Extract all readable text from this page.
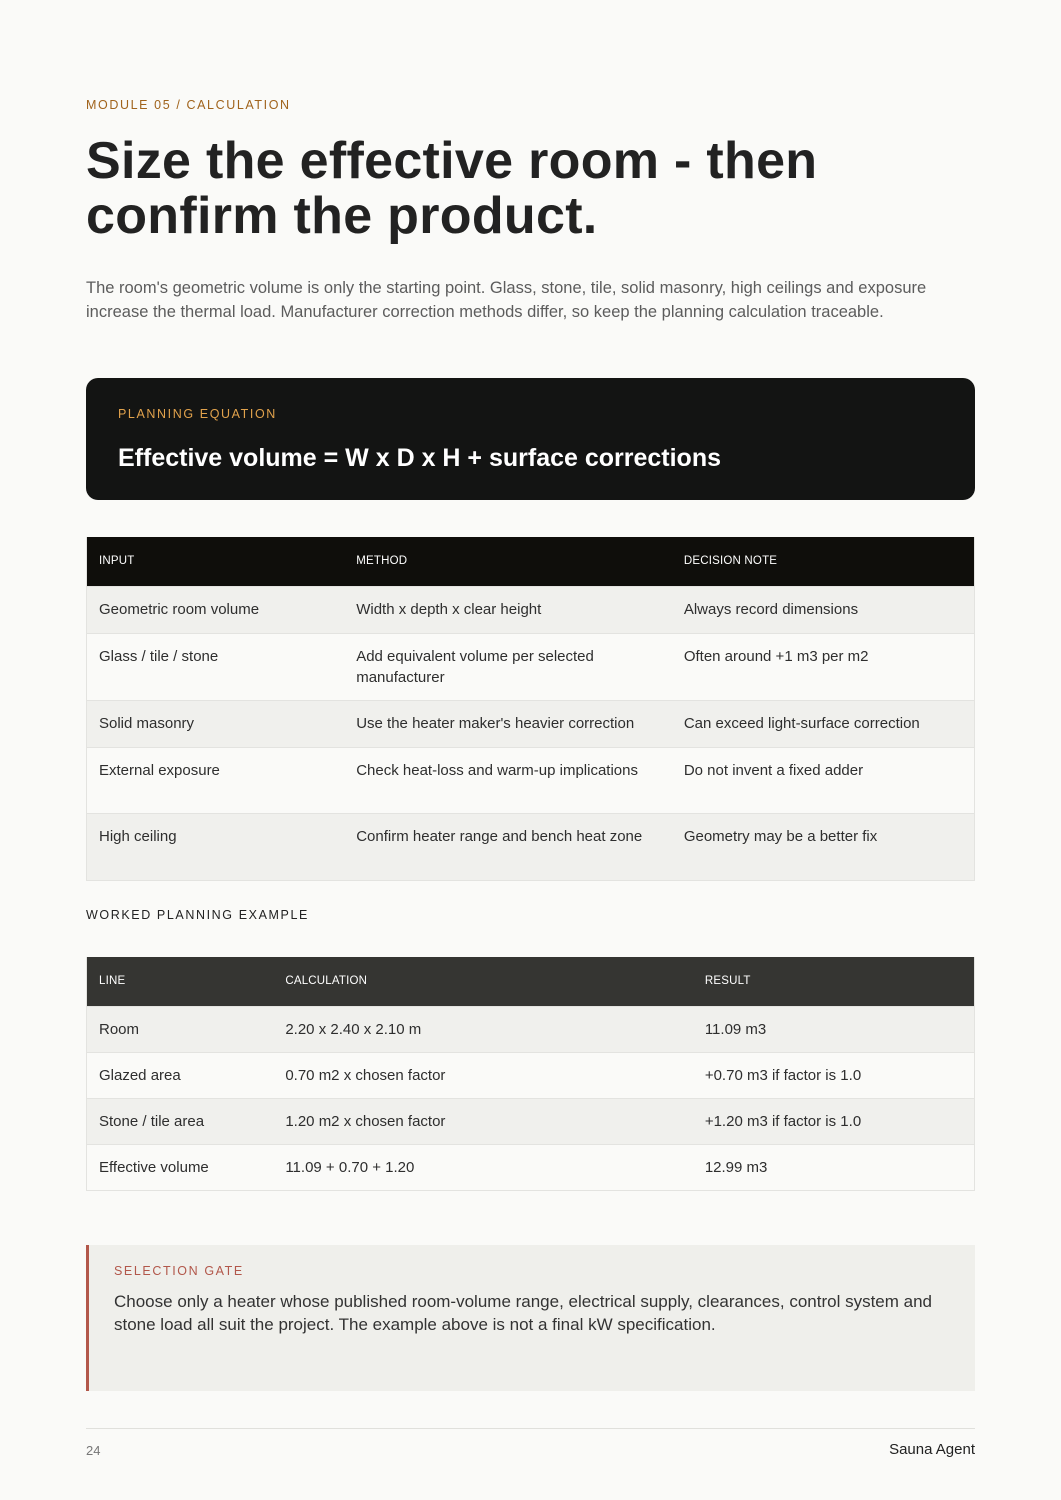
MODULE 05 / CALCULATION
Size the effective room - then confirm the product.

The room's geometric volume is only the starting point. Glass, stone, tile, solid masonry, high ceilings and exposure increase the thermal load. Manufacturer correction methods differ, so keep the planning calculation traceable.

PLANNING EQUATION
Effective volume = W x D x H + surface corrections
INPUT	METHOD	DECISION NOTE
Geometric room volume	Width x depth x clear height	Always record dimensions
Glass / tile / stone	Add equivalent volume per selected manufacturer	Often around +1 m3 per m2
Solid masonry	Use the heater maker's heavier correction	Can exceed light-surface correction
External exposure	Check heat-loss and warm-up implications	Do not invent a fixed adder
High ceiling	Confirm heater range and bench heat zone	Geometry may be a better fix
WORKED PLANNING EXAMPLE
LINE	CALCULATION	RESULT
Room	2.20 x 2.40 x 2.10 m	11.09 m3
Glazed area	0.70 m2 x chosen factor	+0.70 m3 if factor is 1.0
Stone / tile area	1.20 m2 x chosen factor	+1.20 m3 if factor is 1.0
Effective volume	11.09 + 0.70 + 1.20	12.99 m3
SELECTION GATE
Choose only a heater whose published room-volume range, electrical supply, clearances, control system and stone load all suit the project. The example above is not a final kW specification.
24	Sauna Agent
